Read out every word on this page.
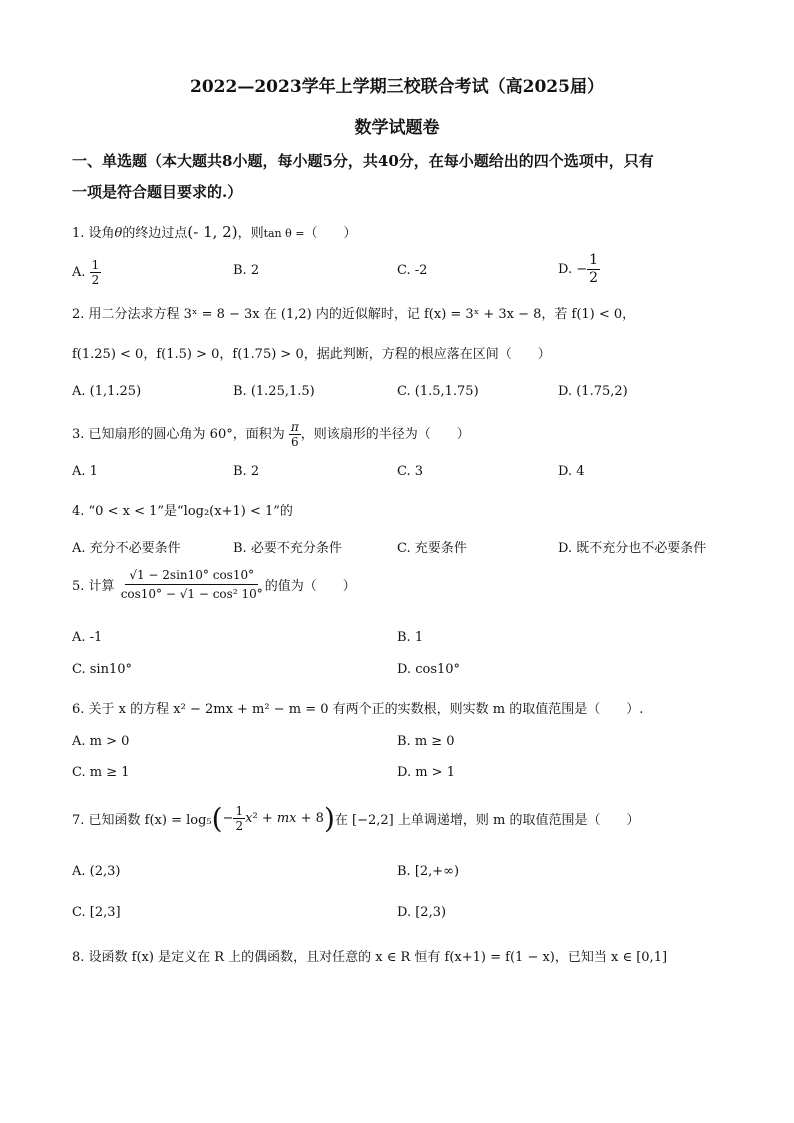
2022—2023学年上学期三校联合考试（高2025届）
数学试题卷
一、单选题（本大题共8小题，每小题5分，共40分，在每小题给出的四个选项中，只有
一项是符合题目要求的.）
1. 设角θ的终边过点(- 1, 2)，则tan θ =（　　）
A. $\frac{1}{2}$	B. 2	C. -2	D. − $\frac{1}{2}$
2. 用二分法求方程 3ˣ = 8 − 3x 在 (1,2) 内的近似解时，记 f(x) = 3ˣ + 3x − 8，若 f(1) < 0，
f(1.25) < 0，f(1.5) > 0，f(1.75) > 0，据此判断，方程的根应落在区间（　　）
A. (1,1.25)	B. (1.25,1.5)	C. (1.5,1.75)	D. (1.75,2)
3. 已知扇形的圆心角为 60°，面积为 $\frac{\pi}{6}$ ，则该扇形的半径为（　　）
A. 1	B. 2	C. 3	D. 4
4. “0 < x < 1”是“log₂(x+1) < 1”的
A. 充分不必要条件	B. 必要不充分条件	C. 充要条件	D. 既不充分也不必要条件
5. 计算 $\frac{√1 - 2\sin 10^\circ \cos 10^\circ}{\text{cos10° − √1 − cos² 10°}}$ 的值为（　　）
A. -1	B. 1
C. sin10°	D. cos10°
6. 关于 x 的方程 x² − 2mx + m² − m = 0 有两个正的实数根，则实数 m 的取值范围是（　　）.
A. m > 0	B. m ≥ 0
C. m ≥ 1	D. m > 1
7. 已知函数 $f(x) = \log_5(- \frac{1}{2} x^2$ + mx + 8)在 [−2,2] 上单调递增，则 m 的取值范围是（　　）
A. (2,3)	B. [2,+∞)
C. [2,3]	D. [2,3)
8. 设函数 f(x) 是定义在 R 上的偶函数，且对任意的 x ∈ R 恒有 f(x+1) = f(1 − x)，已知当 x ∈ [0,1]
